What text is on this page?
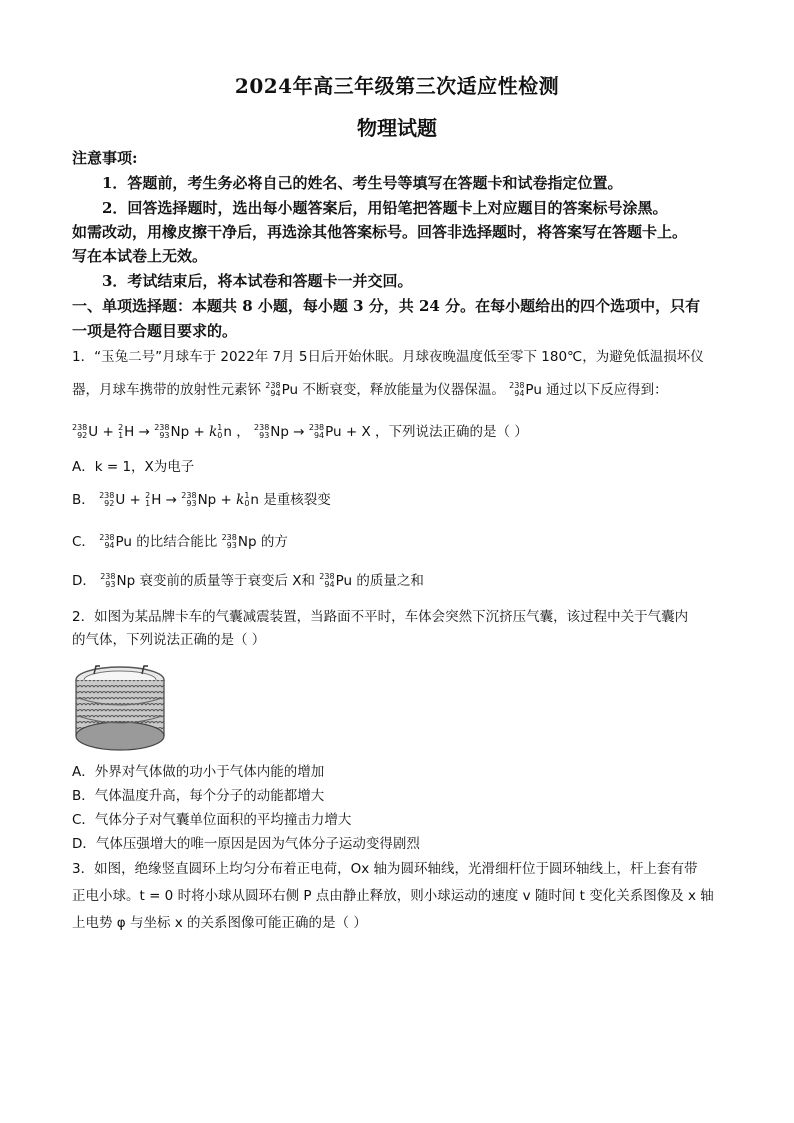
2024年高三年级第三次适应性检测
物理试题
注意事项:
1．答题前，考生务必将自己的姓名、考生号等填写在答题卡和试卷指定位置。
2．回答选择题时，选出每小题答案后，用铅笔把答题卡上对应题目的答案标号涂黑。
如需改动，用橡皮擦干净后，再选涂其他答案标号。回答非选择题时，将答案写在答题卡上。
写在本试卷上无效。
3．考试结束后，将本试卷和答题卡一并交回。
一、单项选择题：本题共 8 小题，每小题 3 分，共 24 分。在每小题给出的四个选项中，只有
一项是符合题目要求的。
1．“玉兔二号”月球车于 2022年 7月 5日后开始休眠。月球夜晚温度低至零下 180℃，为避免低温损坏仪
器，月球车携带的放射性元素钚 238
94 Pu 不断衰变，释放能量为仪器保温。 238
94 Pu 通过以下反应得到：
238
92 U + 2
1 H → 238
93 Np + k 1
0 n ， 238
93 Np → 238
94 Pu + X ，下列说法正确的是（ ）
A．k = 1，X为电子
B． 238
92 U + 2
1 H → 238
93 Np + k 1
0 n 是重核裂变
C． 238
94 Pu 的比结合能比 238
93 Np 的方
D． 238
93 Np 衰变前的质量等于衰变后 X和 238
94 Pu 的质量之和
2．如图为某品牌卡车的气囊减震装置，当路面不平时，车体会突然下沉挤压气囊，该过程中关于气囊内
的气体，下列说法正确的是（ ）
A．外界对气体做的功小于气体内能的增加
B．气体温度升高，每个分子的动能都增大
C．气体分子对气囊单位面积的平均撞击力增大
D．气体压强增大的唯一原因是因为气体分子运动变得剧烈
3．如图，绝缘竖直圆环上均匀分布着正电荷，Ox 轴为圆环轴线，光滑细杆位于圆环轴线上，杆上套有带
正电小球。t = 0 时将小球从圆环右侧 P 点由静止释放，则小球运动的速度 v 随时间 t 变化关系图像及 x 轴
上电势 φ 与坐标 x 的关系图像可能正确的是（ ）
